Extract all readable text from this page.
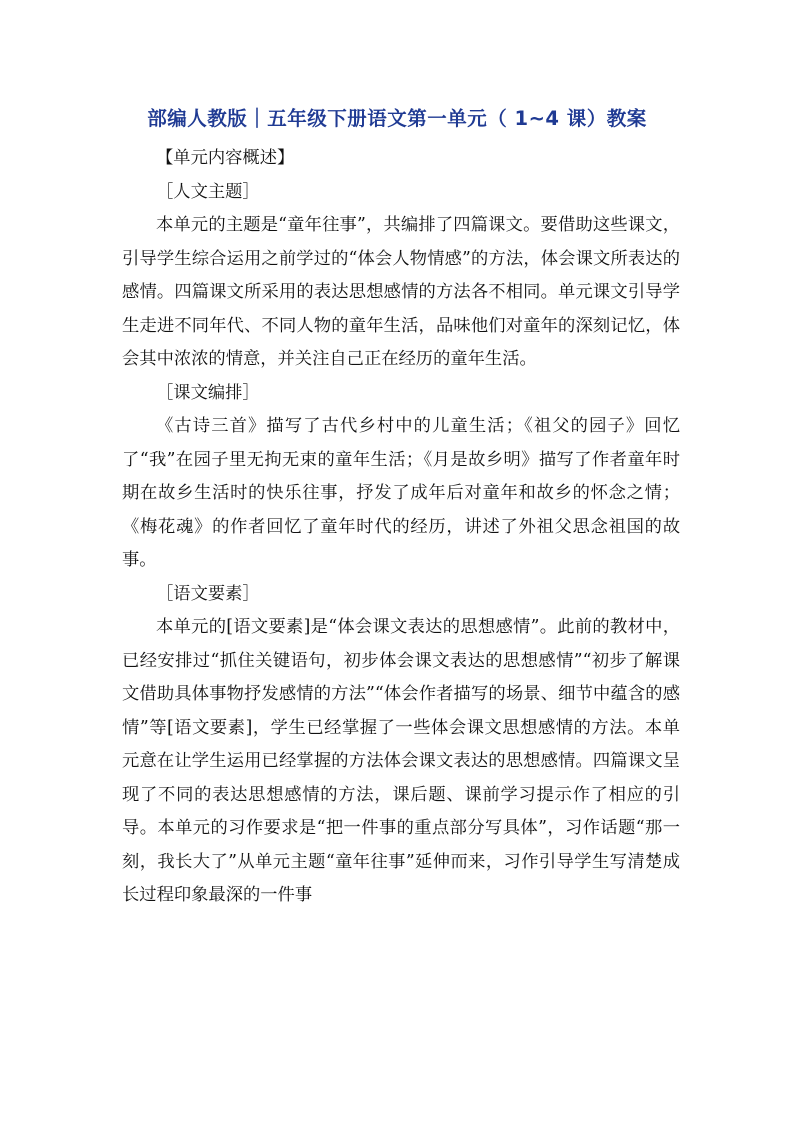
部编人教版｜五年级下册语文第一单元（ 1~4 课）教案
【单元内容概述】
［人文主题］
本单元的主题是“童年往事”，共编排了四篇课文。要借助这些课文，引导学生综合运用之前学过的“体会人物情感”的方法，体会课文所表达的感情。四篇课文所采用的表达思想感情的方法各不相同。单元课文引导学生走进不同年代、不同人物的童年生活，品味他们对童年的深刻记忆，体会其中浓浓的情意，并关注自己正在经历的童年生活。
［课文编排］
《古诗三首》描写了古代乡村中的儿童生活；《祖父的园子》回忆了“我”在园子里无拘无束的童年生活；《月是故乡明》描写了作者童年时期在故乡生活时的快乐往事，抒发了成年后对童年和故乡的怀念之情；《梅花魂》的作者回忆了童年时代的经历，讲述了外祖父思念祖国的故事。
［语文要素］
本单元的[语文要素]是“体会课文表达的思想感情”。此前的教材中，已经安排过“抓住关键语句，初步体会课文表达的思想感情”“初步了解课文借助具体事物抒发感情的方法”“体会作者描写的场景、细节中蕴含的感情”等[语文要素]，学生已经掌握了一些体会课文思想感情的方法。本单元意在让学生运用已经掌握的方法体会课文表达的思想感情。四篇课文呈现了不同的表达思想感情的方法，课后题、课前学习提示作了相应的引导。本单元的习作要求是“把一件事的重点部分写具体”，习作话题“那一刻，我长大了”从单元主题“童年往事”延伸而来，习作引导学生写清楚成长过程印象最深的一件事
